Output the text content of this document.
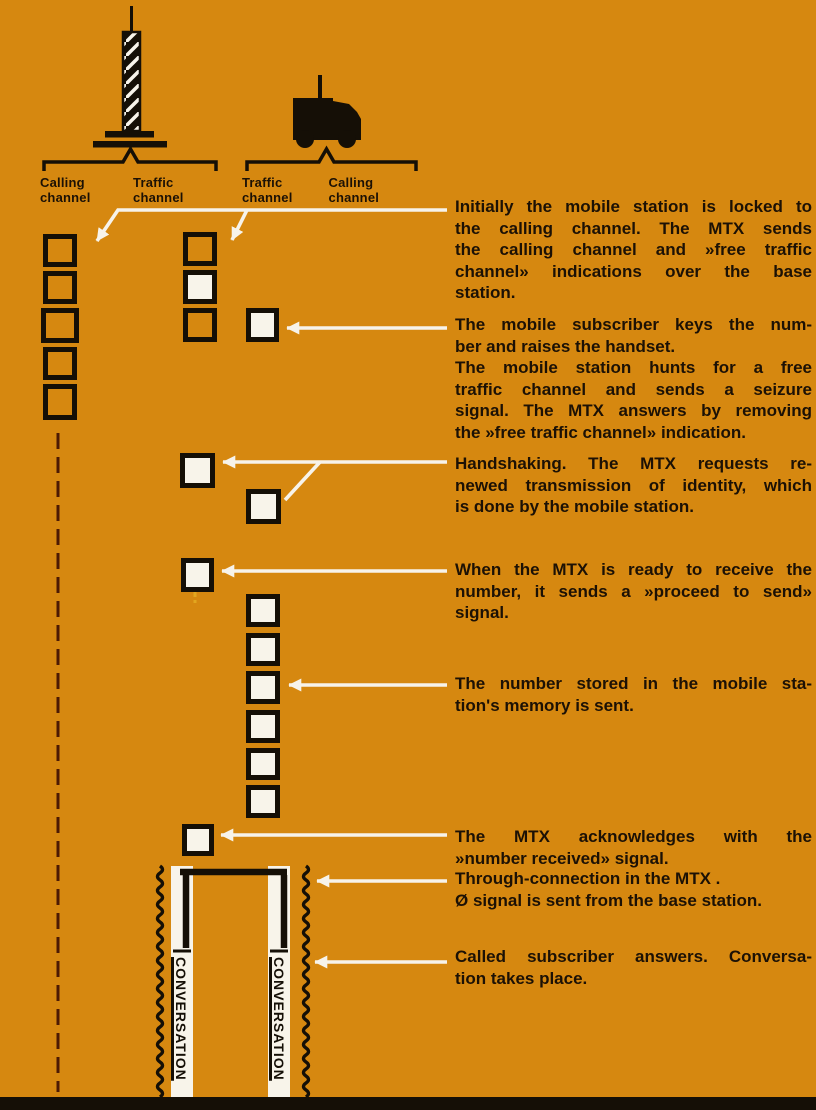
Calling channel
Traffic channel
Traffic channel
Calling channel	Initially the mobile station is locked to
the calling channel. The MTX sends
the calling channel and »free traffic
channel» indications over the base
station.
The mobile subscriber keys the num-
ber and raises the handset.
The mobile station hunts for a free
traffic channel and sends a seizure
signal. The MTX answers by removing
the »free traffic channel» indication.
Handshaking. The MTX requests re-
newed transmission of identity, which
is done by the mobile station.
When the MTX is ready to receive the
number, it sends a »proceed to send»
signal.
The number stored in the mobile sta-
tion's memory is sent.
The MTX acknowledges with the
»number received» signal.
Through-connection in the MTX .
Ø signal is sent from the base station.
Called subscriber answers. Conversa-
tion takes place.
CONVERSATION	CONVERSATION
